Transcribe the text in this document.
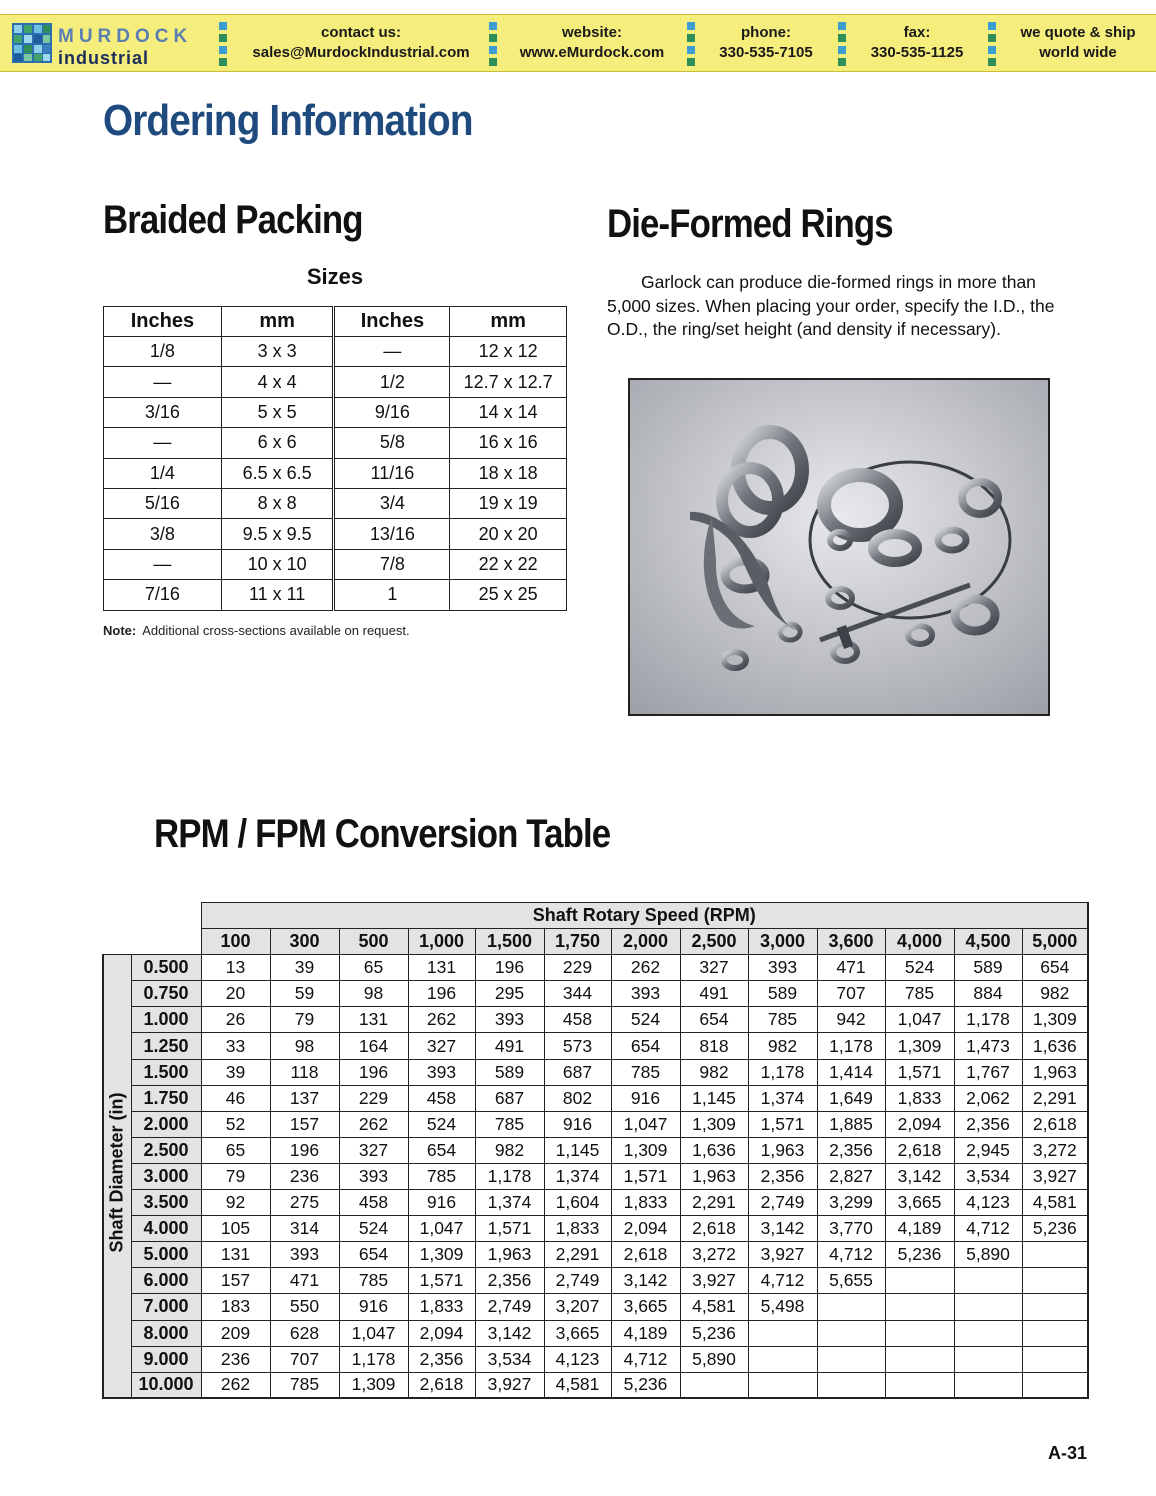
MURDOCK
industrial
contact us:
sales@MurdockIndustrial.com
website:
www.eMurdock.com
phone:
330-535-7105
fax:
330-535-1125
we quote & ship
world wide
Ordering Information
Braided Packing	Die-Formed Rings
Sizes
Inches	mm	Inches	mm
1/8	3 x 3	—	12 x 12
—	4 x 4	1/2	12.7 x 12.7
3/16	5 x 5	9/16	14 x 14
—	6 x 6	5/8	16 x 16
1/4	6.5 x 6.5	11/16	18 x 18
5/16	8 x 8	3/4	19 x 19
3/8	9.5 x 9.5	13/16	20 x 20
—	10 x 10	7/8	22 x 22
7/16	11 x 11	1	25 x 25
Note: Additional cross-sections available on request.
Garlock can produce die-formed rings in more than 5,000 sizes. When placing your order, specify the I.D., the O.D., the ring/set height (and density if necessary).
RPM / FPM Conversion Table
		Shaft Rotary Speed (RPM)												
		100	300	500	1,000	1,500	1,750	2,000	2,500	3,000	3,600	4,000	4,500	5,000
	0.500	13	39	65	131	196	229	262	327	393	471	524	589	654
	0.750	20	59	98	196	295	344	393	491	589	707	785	884	982
	1.000	26	79	131	262	393	458	524	654	785	942	1,047	1,178	1,309
	1.250	33	98	164	327	491	573	654	818	982	1,178	1,309	1,473	1,636
	1.500	39	118	196	393	589	687	785	982	1,178	1,414	1,571	1,767	1,963
	1.750	46	137	229	458	687	802	916	1,145	1,374	1,649	1,833	2,062	2,291
	2.000	52	157	262	524	785	916	1,047	1,309	1,571	1,885	2,094	2,356	2,618
	2.500	65	196	327	654	982	1,145	1,309	1,636	1,963	2,356	2,618	2,945	3,272
	3.000	79	236	393	785	1,178	1,374	1,571	1,963	2,356	2,827	3,142	3,534	3,927
	3.500	92	275	458	916	1,374	1,604	1,833	2,291	2,749	3,299	3,665	4,123	4,581
	4.000	105	314	524	1,047	1,571	1,833	2,094	2,618	3,142	3,770	4,189	4,712	5,236
	5.000	131	393	654	1,309	1,963	2,291	2,618	3,272	3,927	4,712	5,236	5,890	
	6.000	157	471	785	1,571	2,356	2,749	3,142	3,927	4,712	5,655			
	7.000	183	550	916	1,833	2,749	3,207	3,665	4,581	5,498				
	8.000	209	628	1,047	2,094	3,142	3,665	4,189	5,236					
	9.000	236	707	1,178	2,356	3,534	4,123	4,712	5,890					
	10.000	262	785	1,309	2,618	3,927	4,581	5,236						
Shaft Diameter (in)
A-31
